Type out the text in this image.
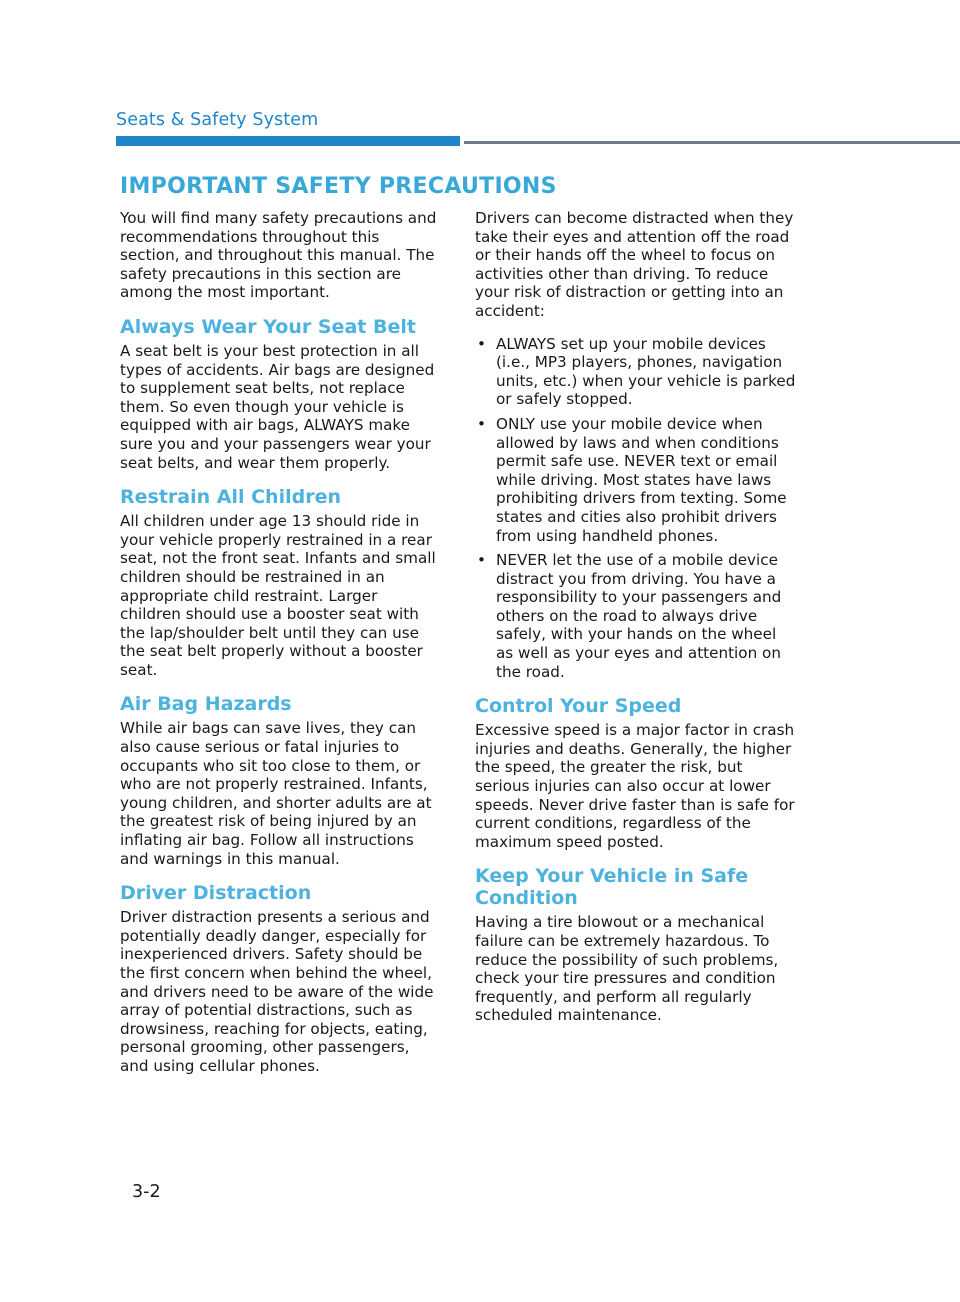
Seats & Safety System
IMPORTANT SAFETY PRECAUTIONS

You will find many safety precautions and recommendations throughout this section, and throughout this manual. The safety precautions in this section are among the most important.

Always Wear Your Seat Belt

A seat belt is your best protection in all types of accidents. Air bags are designed to supplement seat belts, not replace them. So even though your vehicle is equipped with air bags, ALWAYS make sure you and your passengers wear your seat belts, and wear them properly.

Restrain All Children

All children under age 13 should ride in your vehicle properly restrained in a rear seat, not the front seat. Infants and small children should be restrained in an appropriate child restraint. Larger children should use a booster seat with the lap/shoulder belt until they can use the seat belt properly without a booster seat.

Air Bag Hazards

While air bags can save lives, they can also cause serious or fatal injuries to occupants who sit too close to them, or who are not properly restrained. Infants, young children, and shorter adults are at the greatest risk of being injured by an inflating air bag. Follow all instructions and warnings in this manual.

Driver Distraction

Driver distraction presents a serious and potentially deadly danger, especially for inexperienced drivers. Safety should be the first concern when behind the wheel, and drivers need to be aware of the wide array of potential distractions, such as drowsiness, reaching for objects, eating, personal grooming, other passengers, and using cellular phones.

Drivers can become distracted when they take their eyes and attention off the road or their hands off the wheel to focus on activities other than driving. To reduce your risk of distraction or getting into an accident:

• ALWAYS set up your mobile devices (i.e., MP3 players, phones, navigation units, etc.) when your vehicle is parked or safely stopped.
• ONLY use your mobile device when allowed by laws and when conditions permit safe use. NEVER text or email while driving. Most states have laws prohibiting drivers from texting. Some states and cities also prohibit drivers from using handheld phones.
• NEVER let the use of a mobile device distract you from driving. You have a responsibility to your passengers and others on the road to always drive safely, with your hands on the wheel as well as your eyes and attention on the road.
Control Your Speed

Excessive speed is a major factor in crash injuries and deaths. Generally, the higher the speed, the greater the risk, but serious injuries can also occur at lower speeds. Never drive faster than is safe for current conditions, regardless of the maximum speed posted.

Keep Your Vehicle in Safe Condition

Having a tire blowout or a mechanical failure can be extremely hazardous. To reduce the possibility of such problems, check your tire pressures and condition frequently, and perform all regularly scheduled maintenance.

3-2
